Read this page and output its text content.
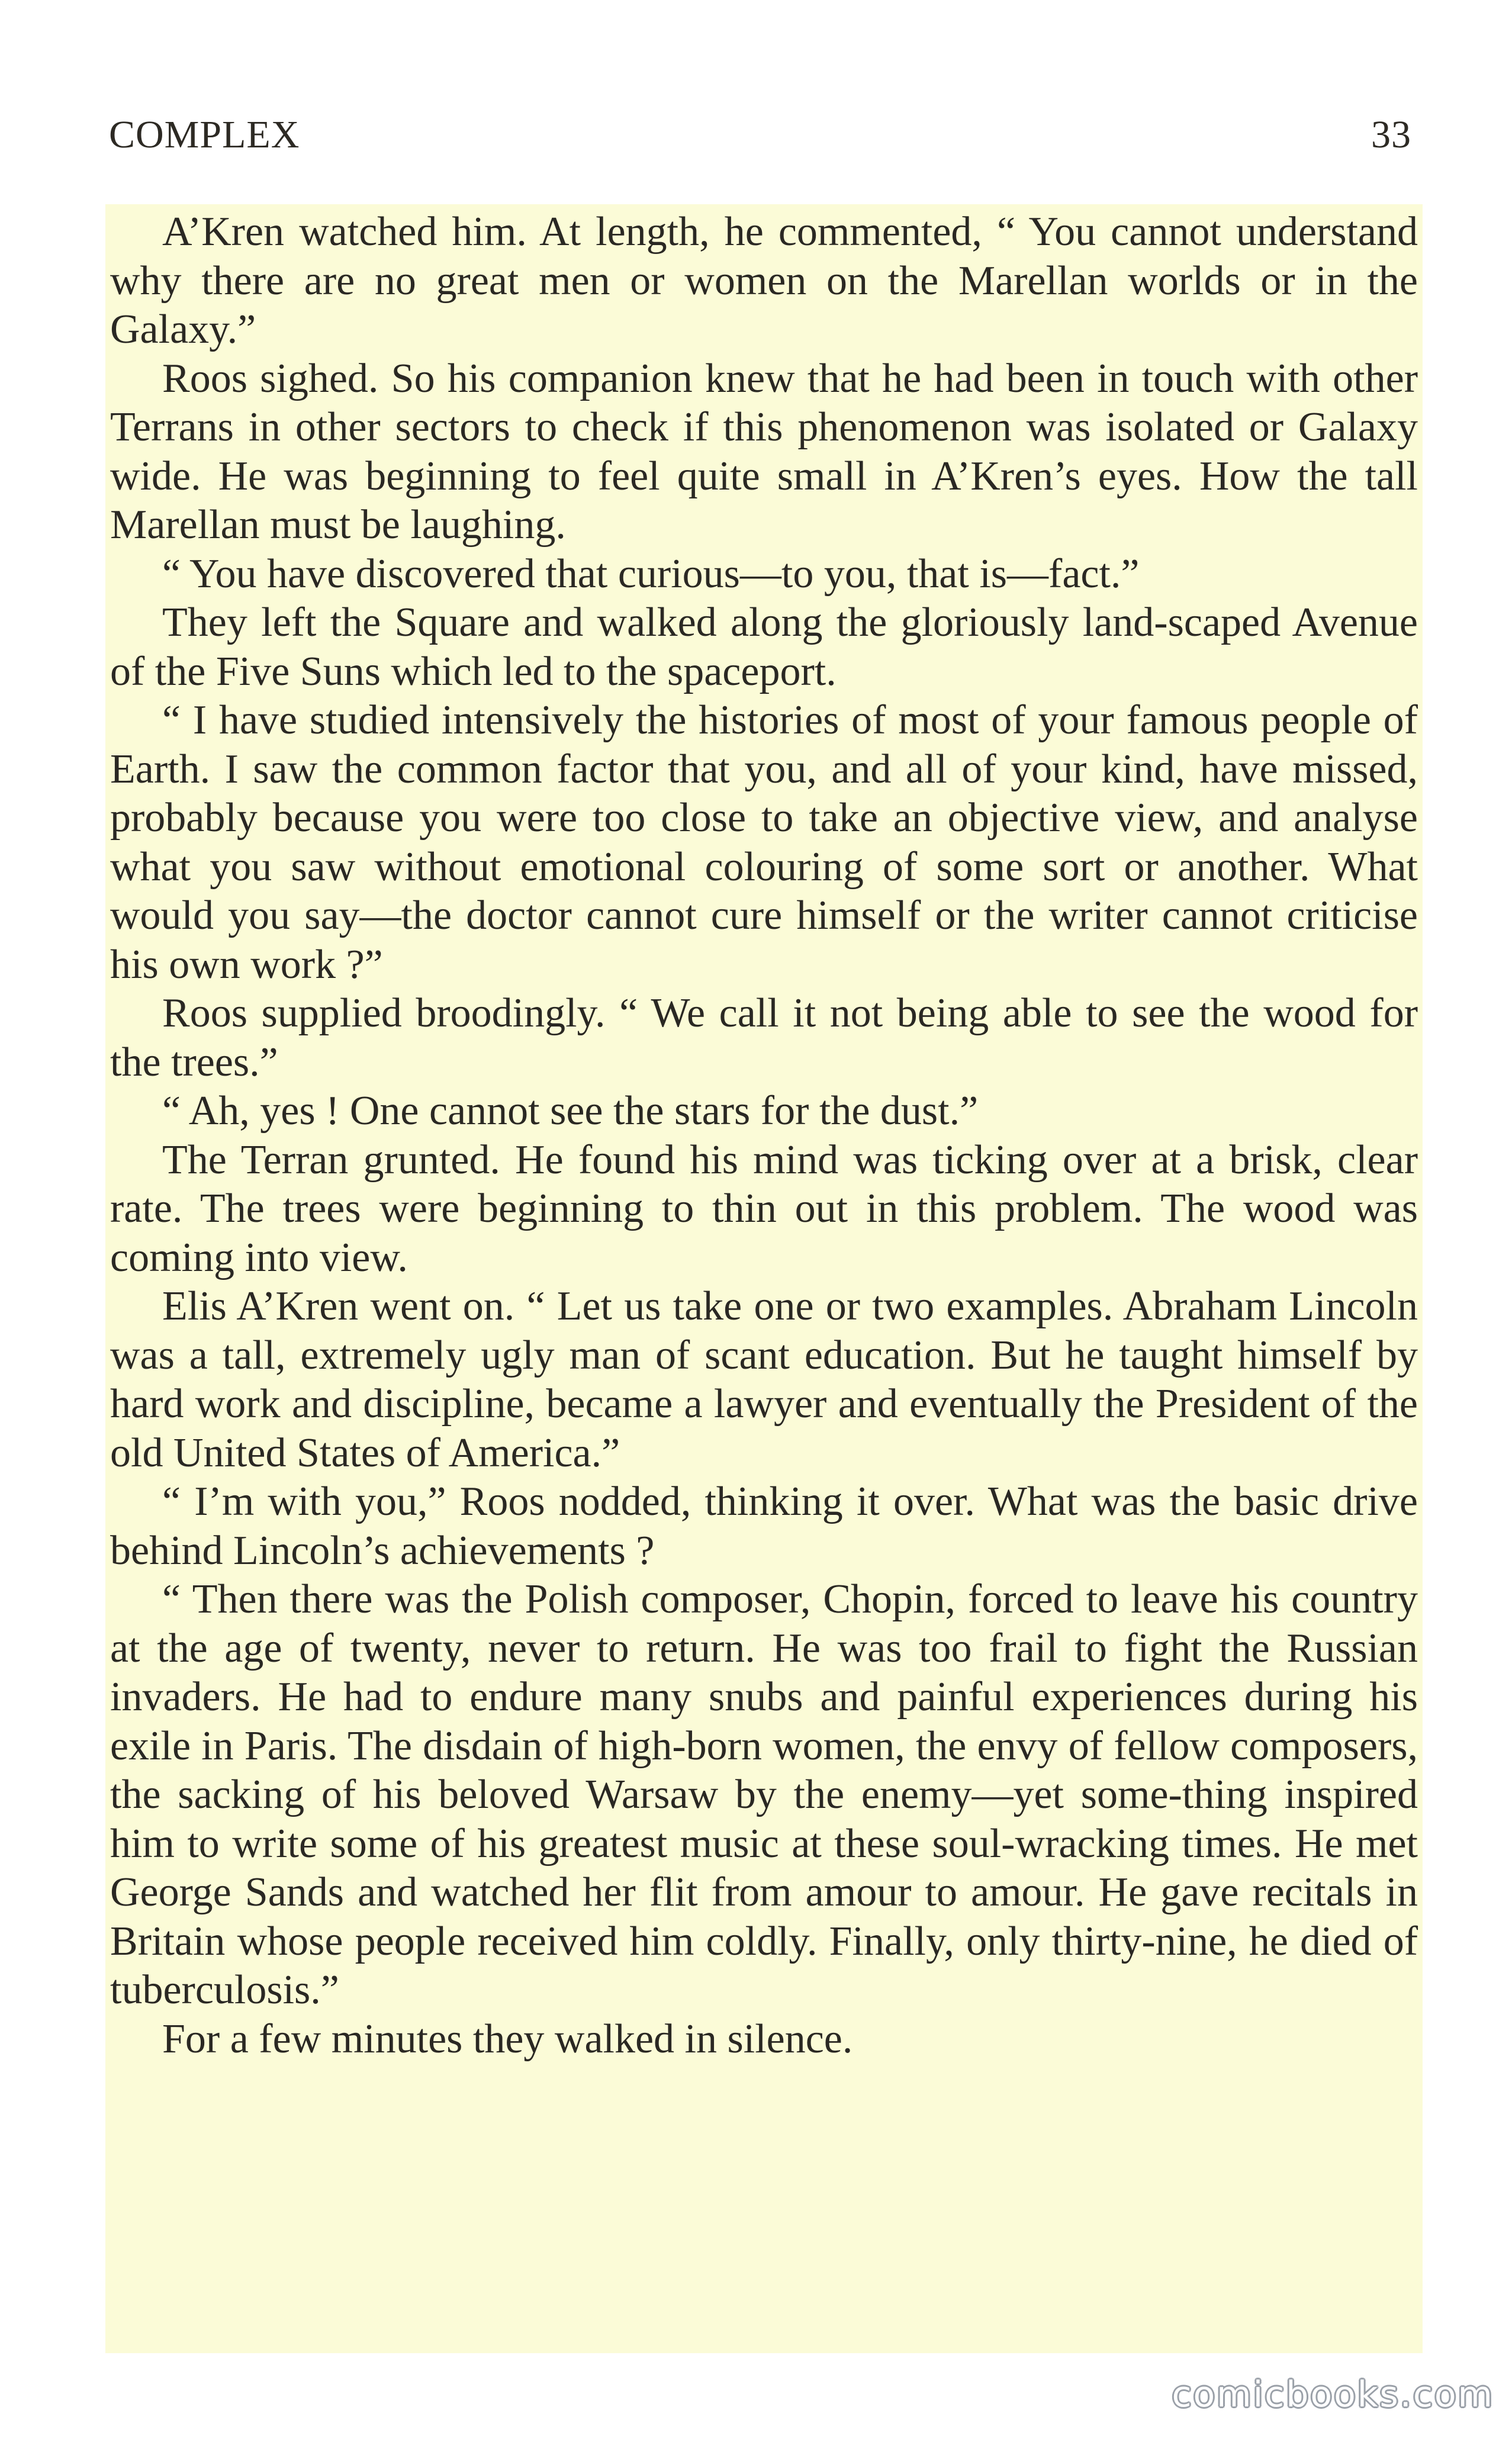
COMPLEX	33

A’Kren watched him. At length, he commented, “ You cannot understand why there are no great men or women on the Marellan worlds or in the Galaxy.”

Roos sighed. So his companion knew that he had been in touch with other Terrans in other sectors to check if this phenomenon was isolated or Galaxy wide. He was beginning to feel quite small in A’Kren’s eyes. How the tall Marellan must be laughing.

“ You have discovered that curious—to you, that is—fact.”

They left the Square and walked along the gloriously land-scaped Avenue of the Five Suns which led to the spaceport.

“ I have studied intensively the histories of most of your famous people of Earth. I saw the common factor that you, and all of your kind, have missed, probably because you were too close to take an objective view, and analyse what you saw without emotional colouring of some sort or another. What would you say—the doctor cannot cure himself or the writer cannot criticise his own work ?”

Roos supplied broodingly. “ We call it not being able to see the wood for the trees.”

“ Ah, yes ! One cannot see the stars for the dust.”

The Terran grunted. He found his mind was ticking over at a brisk, clear rate. The trees were beginning to thin out in this problem. The wood was coming into view.

Elis A’Kren went on. “ Let us take one or two examples. Abraham Lincoln was a tall, extremely ugly man of scant education. But he taught himself by hard work and discipline, became a lawyer and eventually the President of the old United States of America.”

“ I’m with you,” Roos nodded, thinking it over. What was the basic drive behind Lincoln’s achievements ?

“ Then there was the Polish composer, Chopin, forced to leave his country at the age of twenty, never to return. He was too frail to fight the Russian invaders. He had to endure many snubs and painful experiences during his exile in Paris. The disdain of high-born women, the envy of fellow composers, the sacking of his beloved Warsaw by the enemy—yet some-thing inspired him to write some of his greatest music at these soul-wracking times. He met George Sands and watched her flit from amour to amour. He gave recitals in Britain whose people received him coldly. Finally, only thirty-nine, he died of tuberculosis.”

For a few minutes they walked in silence.

comicbooks.com
